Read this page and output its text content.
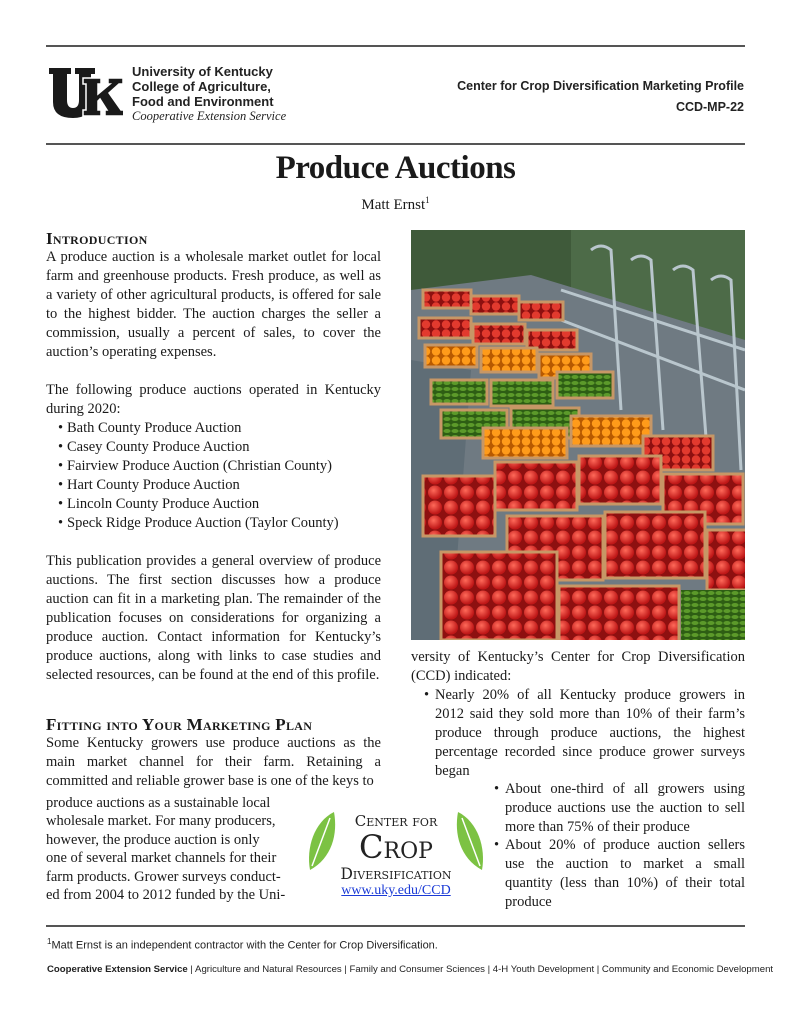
University of Kentucky
College of Agriculture,
Food and Environment
Cooperative Extension Service
Center for Crop Diversification Marketing Profile
CCD-MP-22
Produce Auctions
Matt Ernst$^1$
Introduction

A produce auction is a wholesale market outlet for local farm and greenhouse products. Fresh produce, as well as a variety of other agricultural products, is offered for sale to the highest bidder. The auction charges the seller a commission, usually a percent of sales, to cover the auction’s operating expenses.

The following produce auctions operated in Kentucky during 2020:

• Bath County Produce Auction
• Casey County Produce Auction
• Fairview Produce Auction (Christian County)
• Hart County Produce Auction
• Lincoln County Produce Auction
• Speck Ridge Produce Auction (Taylor County)

This publication provides a general overview of produce auctions. The first section discusses how a produce auction can fit in a marketing plan. The remainder of the publication focuses on considerations for organizing a produce auction. Contact information for Kentucky’s produce auctions, along with links to case studies and selected resources, can be found at the end of this profile.

Fitting into Your Marketing Plan

Some Kentucky growers use produce auctions as the main market channel for their farm. Retaining a committed and reliable grower base is one of the keys to

produce auctions as a sustainable local
wholesale market. For many producers,
however, the produce auction is only
one of several market channels for their
farm products. Grower surveys conduct-
ed from 2004 to 2012 funded by the Uni-

versity of Kentucky’s Center for Crop Diversification (CCD) indicated:

• Nearly 20% of all Kentucky produce growers in 2012 said they sold more than 10% of their farm’s produce through produce auctions, the highest percentage recorded since produce grower surveys began
• About one-third of all growers using produce auctions use the auction to sell more than 75% of their produce
• About 20% of produce auction sellers use the auction to market a small quantity (less than 10%) of their total produce
Center for
Crop
Diversification
www.uky.edu/CCD
$^1$Matt Ernst is an independent contractor with the Center for Crop Diversification.
Cooperative Extension Service | Agriculture and Natural Resources | Family and Consumer Sciences | 4-H Youth Development | Community and Economic Development
